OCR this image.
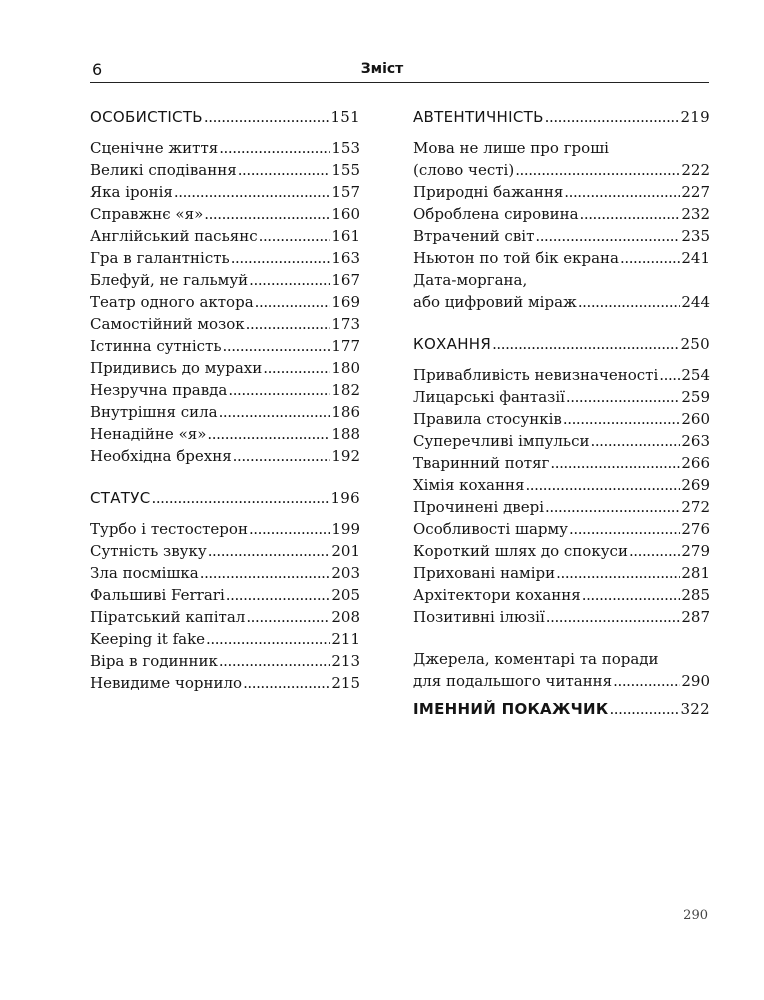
6	Зміст
ОСОБИСТІСТЬ . . .	151
Сценічне життя . . .	153
Великі сподівання . . .	155
Яка іронія . . .	157
Справжнє «я» . . .	160
Англійський пасьянс . . .	161
Гра в галантність . . .	163
Блефуй, не гальмуй . . .	167
Театр одного актора . . .	169
Самостійний мозок . . .	173
Істинна сутність . . .	177
Придивись до мурахи . . .	180
Незручна правда . . .	182
Внутрішня сила . . .	186
Ненадійне «я» . . .	188
Необхідна брехня . . .	192
СТАТУС . . .	196
Турбо і тестостерон . . .	199
Сутність звуку . . .	201
Зла посмішка . . .	203
Фальшиві Ferrari . . .	205
Піратський капітал . . .	208
Keeping it fake . . .	211
Віра в годинник . . .	213
Невидиме чорнило . . .	215
АВТЕНТИЧНІСТЬ . . .	219
Мова не лише про гроші
(слово честі) . . .	222
Природні бажання . . .	227
Оброблена сировина . . .	232
Втрачений світ . . .	235
Ньютон по той бік екрана . . .	241
Дата-моргана,
або цифровий міраж . . .	244
КОХАННЯ . . .	250
Привабливість невизначеності . . . 254
Лицарські фантазії . . .	259
Правила стосунків . . .	260
Суперечливі імпульси . . .	263
Тваринний потяг . . .	266
Хімія кохання . . .	269
Прочинені двері . . .	272
Особливості шарму . . .	276
Короткий шлях до спокуси . . .	279
Приховані наміри . . .	281
Архітектори кохання . . .	285
Позитивні ілюзії . . .	287
Джерела, коментарі та поради
для подальшого читання . . .	290
ІМЕННИЙ ПОКАЖЧИК . . .	322
290
